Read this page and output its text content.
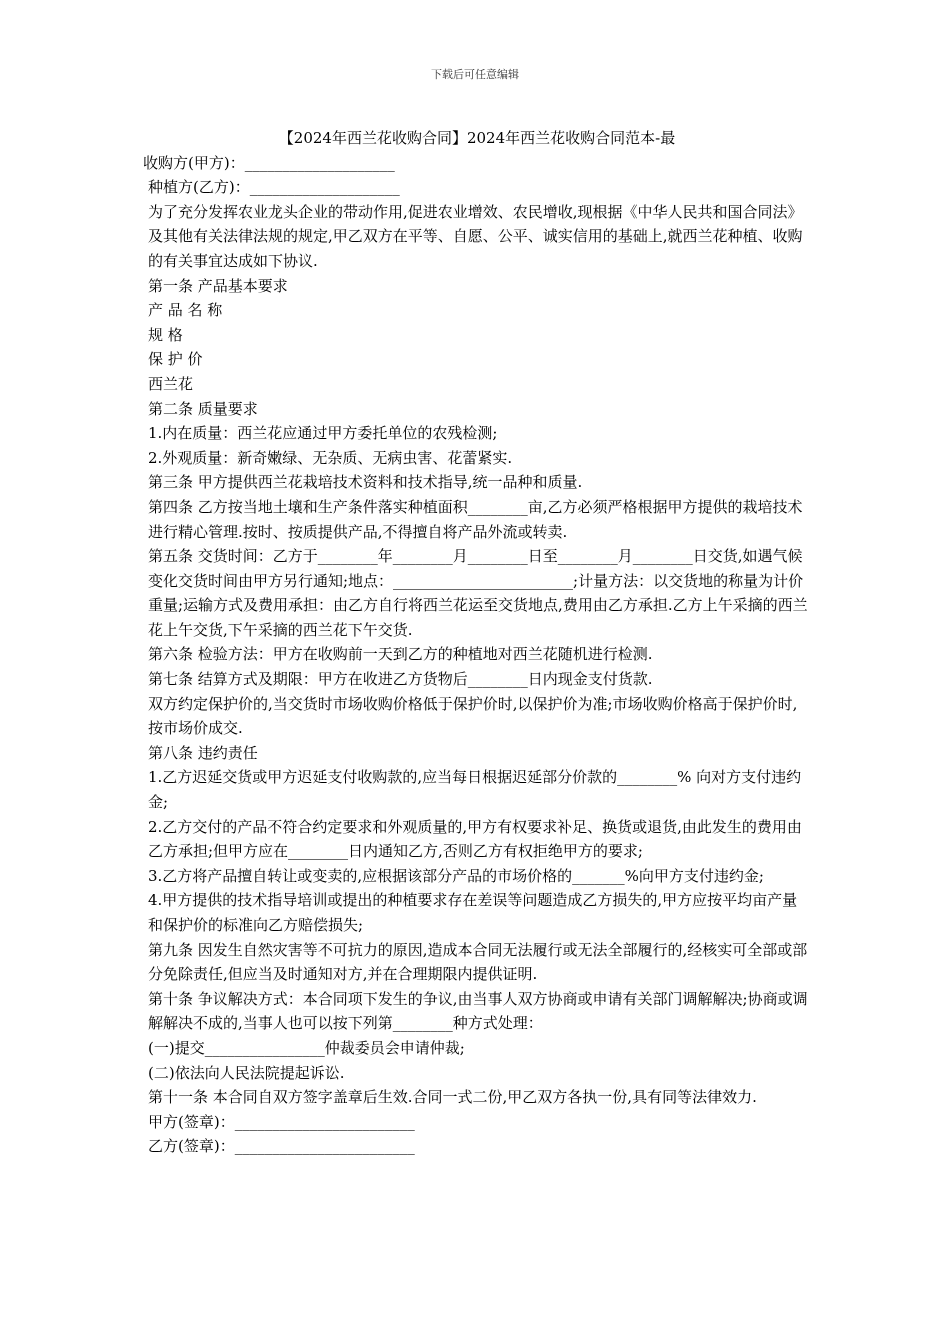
下载后可任意编辑

【2024年西兰花收购合同】2024年西兰花收购合同范本-最

收购方(甲方)：____________________

种植方(乙方)：____________________

为了充分发挥农业龙头企业的带动作用,促进农业增效、农民增收,现根据《中华人民共和国合同法》及其他有关法律法规的规定,甲乙双方在平等、自愿、公平、诚实信用的基础上,就西兰花种植、收购的有关事宜达成如下协议.

第一条 产品基本要求

产 品 名 称

规 格

保 护 价

西兰花

第二条 质量要求

1.内在质量：西兰花应通过甲方委托单位的农残检测;

2.外观质量：新奇嫩绿、无杂质、无病虫害、花蕾紧实.

第三条 甲方提供西兰花栽培技术资料和技术指导,统一品种和质量.

第四条 乙方按当地土壤和生产条件落实种植面积________亩,乙方必须严格根据甲方提供的栽培技术进行精心管理.按时、按质提供产品,不得擅自将产品外流或转卖.

第五条 交货时间：乙方于________年________月________日至________月________日交货,如遇气候变化交货时间由甲方另行通知;地点：________________________;计量方法：以交货地的称量为计价重量;运输方式及费用承担：由乙方自行将西兰花运至交货地点,费用由乙方承担.乙方上午采摘的西兰花上午交货,下午采摘的西兰花下午交货.

第六条 检验方法：甲方在收购前一天到乙方的种植地对西兰花随机进行检测.

第七条 结算方式及期限：甲方在收进乙方货物后________日内现金支付货款.

双方约定保护价的,当交货时市场收购价格低于保护价时,以保护价为准;市场收购价格高于保护价时,按市场价成交.

第八条 违约责任

1.乙方迟延交货或甲方迟延支付收购款的,应当每日根据迟延部分价款的________% 向对方支付违约金;

2.乙方交付的产品不符合约定要求和外观质量的,甲方有权要求补足、换货或退货,由此发生的费用由乙方承担;但甲方应在________日内通知乙方,否则乙方有权拒绝甲方的要求;

3.乙方将产品擅自转让或变卖的,应根据该部分产品的市场价格的_______%向甲方支付违约金;

4.甲方提供的技术指导培训或提出的种植要求存在差误等问题造成乙方损失的,甲方应按平均亩产量和保护价的标准向乙方赔偿损失;

第九条 因发生自然灾害等不可抗力的原因,造成本合同无法履行或无法全部履行的,经核实可全部或部分免除责任,但应当及时通知对方,并在合理期限内提供证明.

第十条 争议解决方式：本合同项下发生的争议,由当事人双方协商或申请有关部门调解解决;协商或调解解决不成的,当事人也可以按下列第________种方式处理：

(一)提交________________仲裁委员会申请仲裁;

(二)依法向人民法院提起诉讼.

第十一条 本合同自双方签字盖章后生效.合同一式二份,甲乙双方各执一份,具有同等法律效力.

甲方(签章)：________________________

乙方(签章)：________________________
